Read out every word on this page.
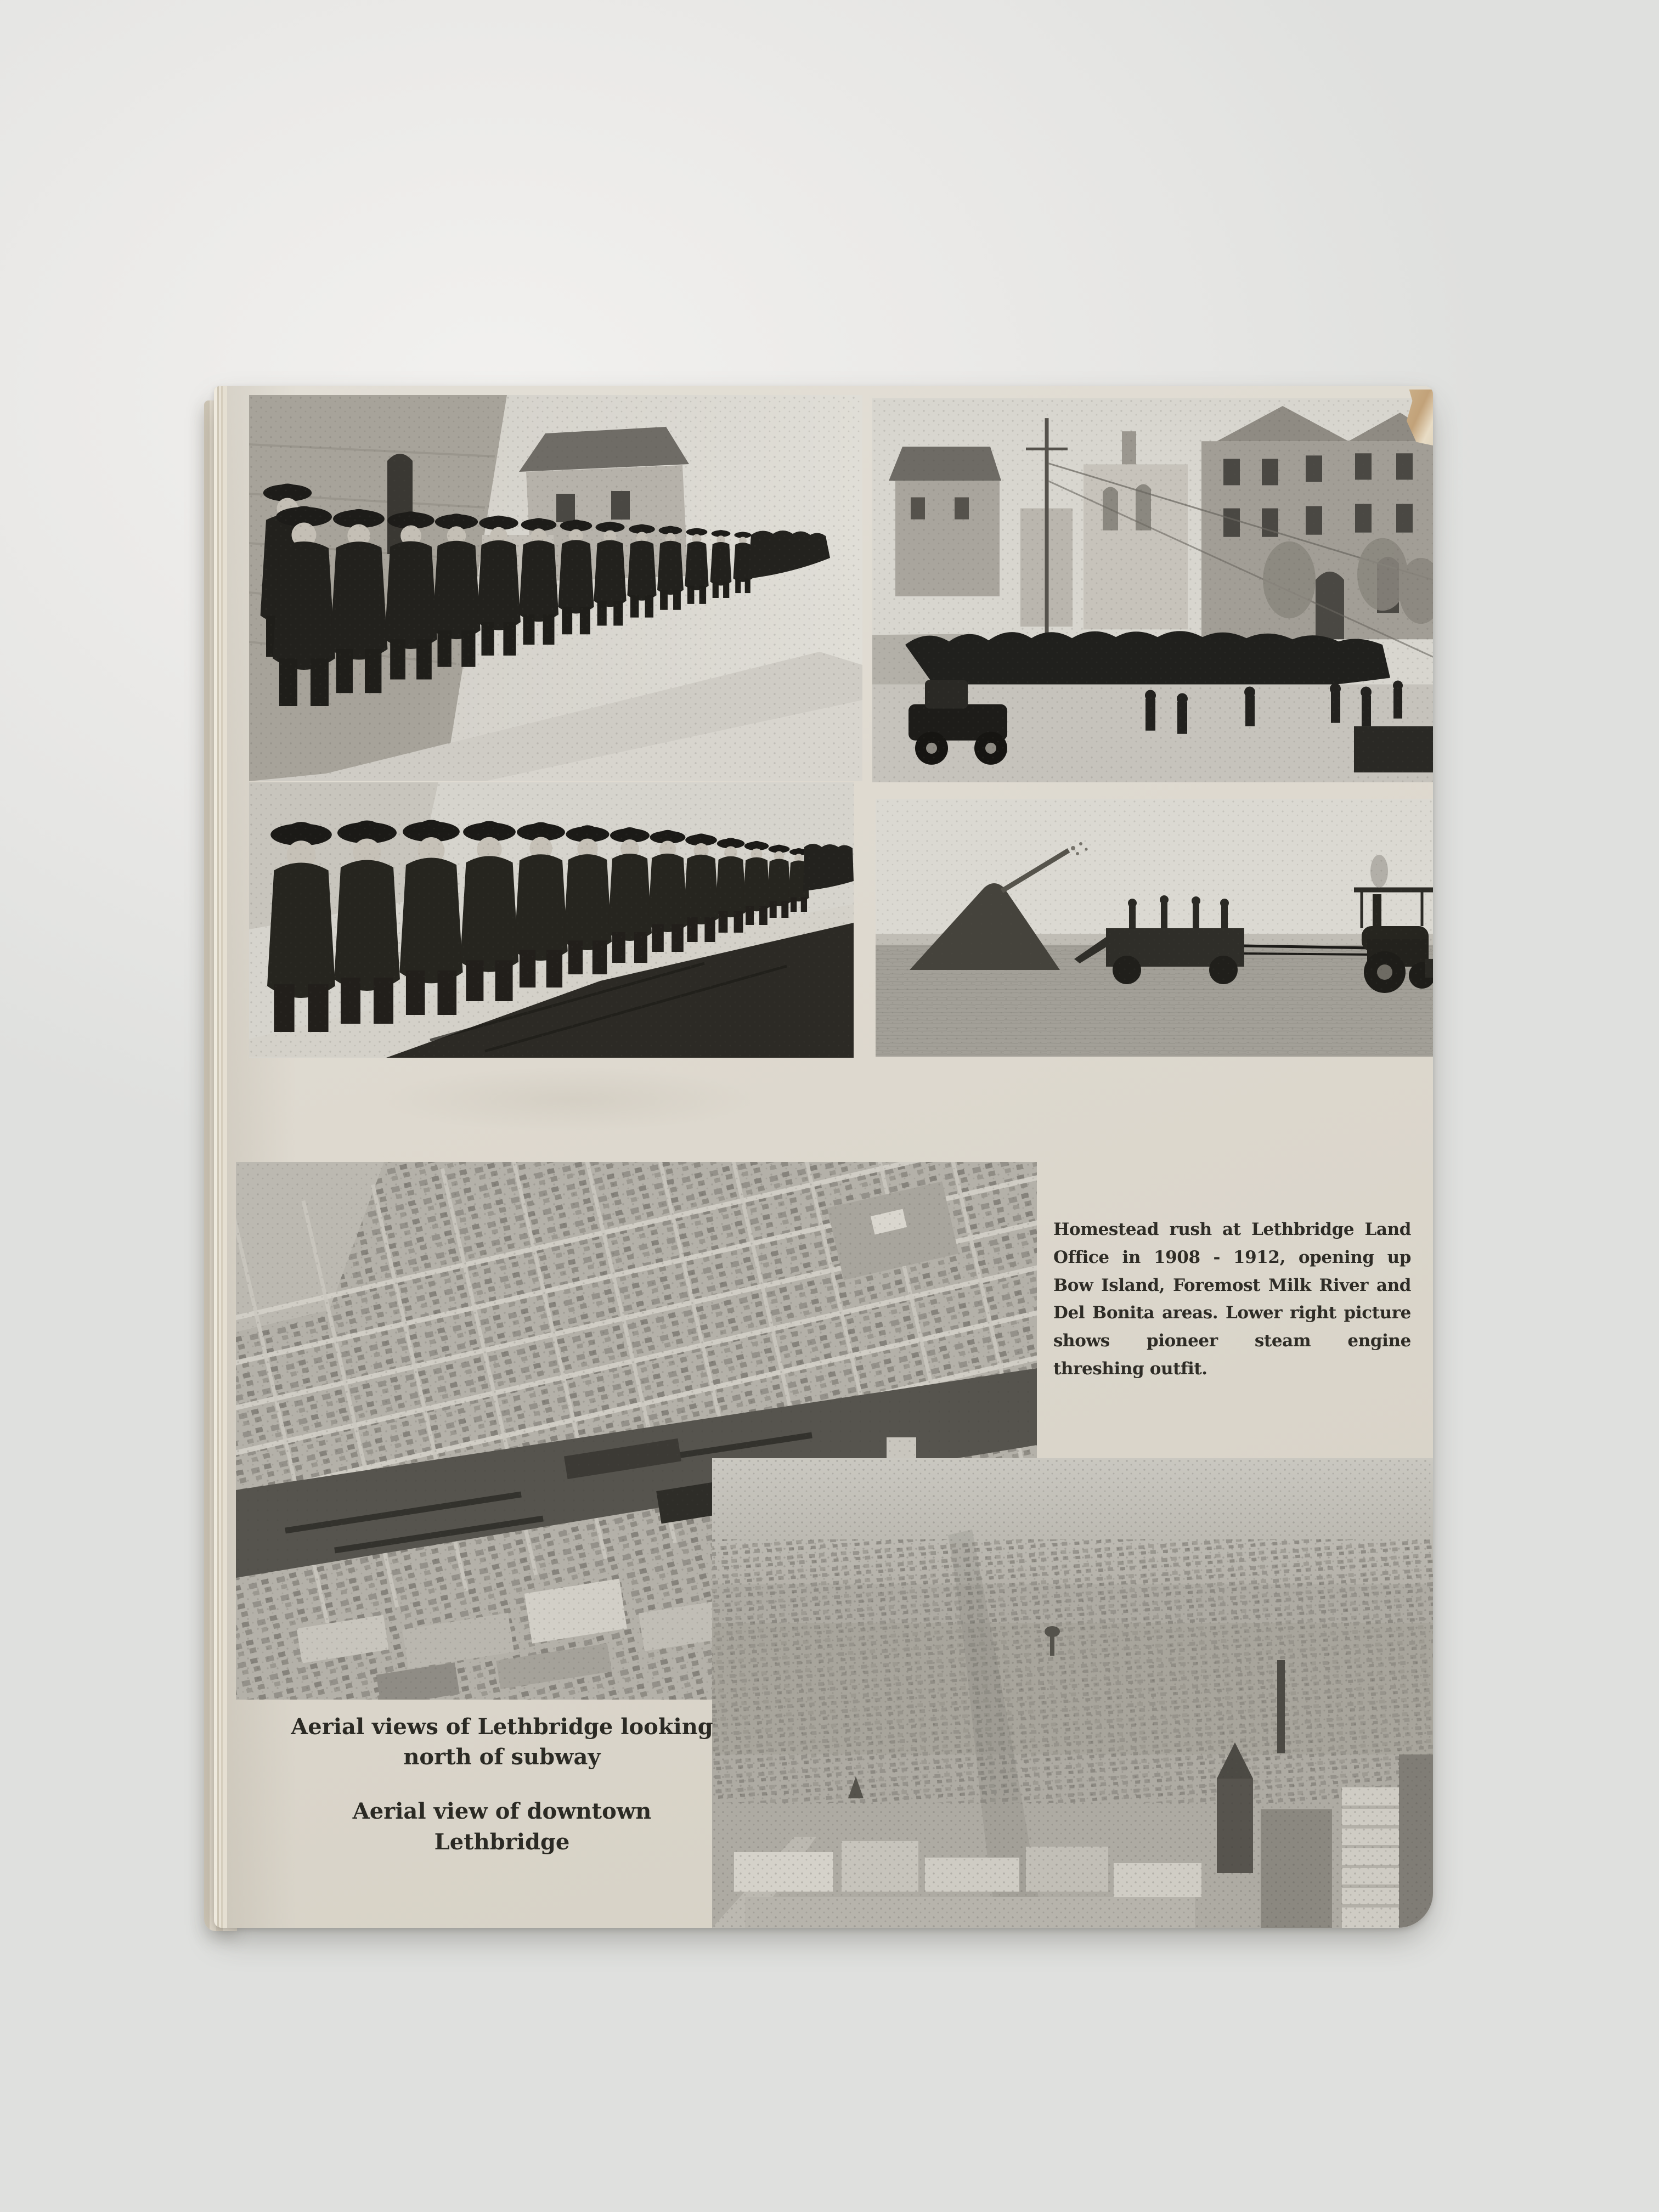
Homestead rush at Lethbridge Land Office in 1908 - 1912, opening up Bow Island, Foremost Milk River and Del Bonita areas. Lower right picture shows pioneer steam engine threshing outfit.
Aerial views of Lethbridge looking
north of subway
Aerial view of downtown Lethbridge
